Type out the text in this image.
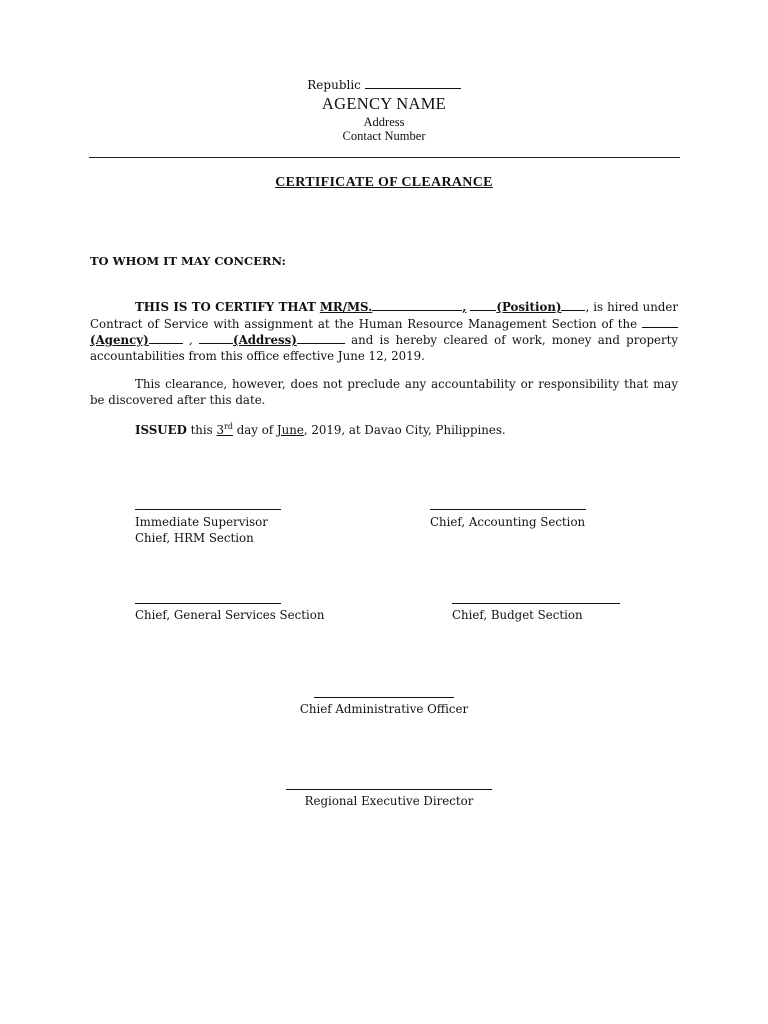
Republic
AGENCY NAME
Address
Contact Number
CERTIFICATE OF CLEARANCE
TO WHOM IT MAY CONCERN:
THIS IS TO CERTIFY THAT MR/MS.	,	(Position) , is hired under Contract of Service with assignment at the Human Resource Management Section of the (Agency)	,	(Address)	and is hereby cleared of work, money and property accountabilities from this office effective June 12, 2019.
This clearance, however, does not preclude any accountability or responsibility that may be discovered after this date.
ISSUED this 3rd day of June, 2019, at Davao City, Philippines.
Immediate Supervisor
Chief, HRM Section
Chief, Accounting Section
Chief, General Services Section	Chief, Budget Section
Chief Administrative Officer
Regional Executive Director
